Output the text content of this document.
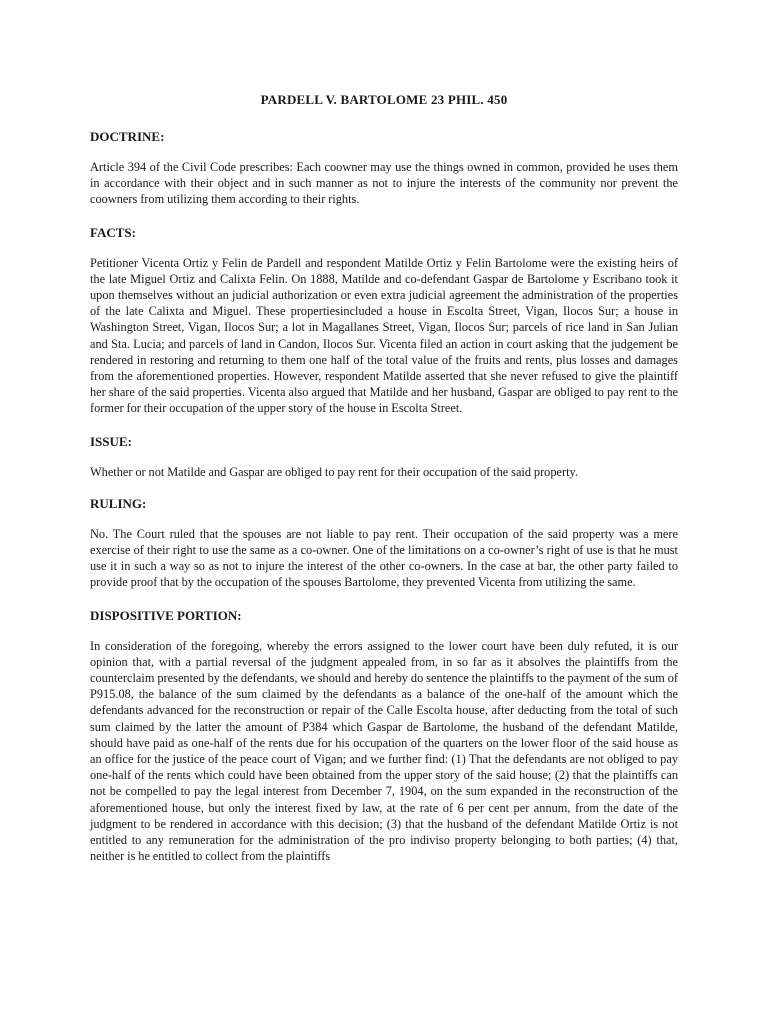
PARDELL V. BARTOLOME 23 PHIL. 450
DOCTRINE:
Article 394 of the Civil Code prescribes: Each coowner may use the things owned in common, provided he uses them in accordance with their object and in such manner as not to injure the interests of the community nor prevent the coowners from utilizing them according to their rights.
FACTS:
Petitioner Vicenta Ortiz y Felin de Pardell and respondent Matilde Ortiz y Felin Bartolome were the existing heirs of the late Miguel Ortiz and Calixta Felin. On 1888, Matilde and co-defendant Gaspar de Bartolome y Escribano took it upon themselves without an judicial authorization or even extra judicial agreement the administration of the properties of the late Calixta and Miguel. These propertiesincluded a house in Escolta Street, Vigan, Ilocos Sur; a house in Washington Street, Vigan, Ilocos Sur; a lot in Magallanes Street, Vigan, Ilocos Sur; parcels of rice land in San Julian and Sta. Lucia; and parcels of land in Candon, Ilocos Sur. Vicenta filed an action in court asking that the judgement be rendered in restoring and returning to them one half of the total value of the fruits and rents, plus losses and damages from the aforementioned properties. However, respondent Matilde asserted that she never refused to give the plaintiff her share of the said properties. Vicenta also argued that Matilde and her husband, Gaspar are obliged to pay rent to the former for their occupation of the upper story of the house in Escolta Street.
ISSUE:
Whether or not Matilde and Gaspar are obliged to pay rent for their occupation of the said property.
RULING:
No. The Court ruled that the spouses are not liable to pay rent. Their occupation of the said property was a mere exercise of their right to use the same as a co-owner. One of the limitations on a co-owner’s right of use is that he must use it in such a way so as not to injure the interest of the other co-owners. In the case at bar, the other party failed to provide proof that by the occupation of the spouses Bartolome, they prevented Vicenta from utilizing the same.
DISPOSITIVE PORTION:
In consideration of the foregoing, whereby the errors assigned to the lower court have been duly refuted, it is our opinion that, with a partial reversal of the judgment appealed from, in so far as it absolves the plaintiffs from the counterclaim presented by the defendants, we should and hereby do sentence the plaintiffs to the payment of the sum of P915.08, the balance of the sum claimed by the defendants as a balance of the one-half of the amount which the defendants advanced for the reconstruction or repair of the Calle Escolta house, after deducting from the total of such sum claimed by the latter the amount of P384 which Gaspar de Bartolome, the husband of the defendant Matilde, should have paid as one-half of the rents due for his occupation of the quarters on the lower floor of the said house as an office for the justice of the peace court of Vigan; and we further find: (1) That the defendants are not obliged to pay one-half of the rents which could have been obtained from the upper story of the said house; (2) that the plaintiffs can not be compelled to pay the legal interest from December 7, 1904, on the sum expanded in the reconstruction of the aforementioned house, but only the interest fixed by law, at the rate of 6 per cent per annum, from the date of the judgment to be rendered in accordance with this decision; (3) that the husband of the defendant Matilde Ortiz is not entitled to any remuneration for the administration of the pro indiviso property belonging to both parties; (4) that, neither is he entitled to collect from the plaintiffs
